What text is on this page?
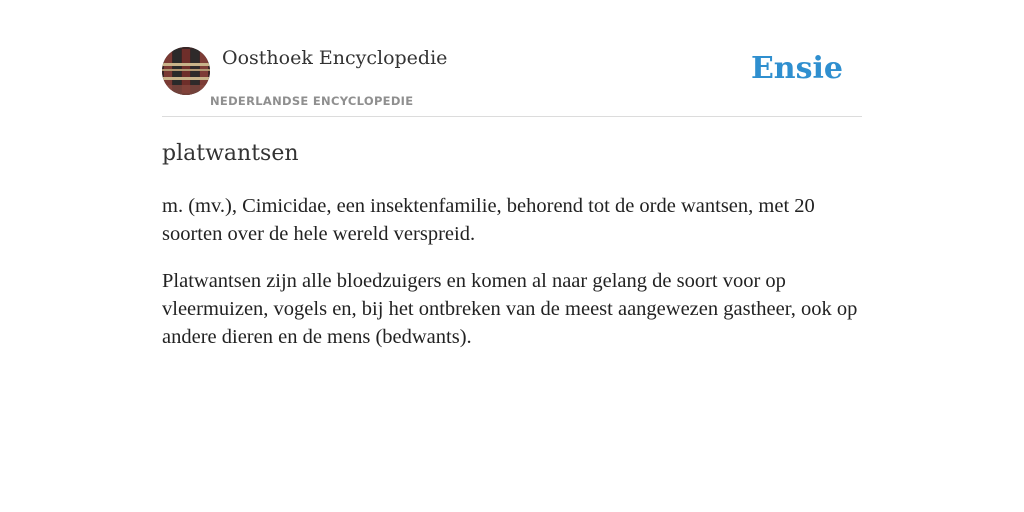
Oosthoek Encyclopedie
NEDERLANDSE ENCYCLOPEDIE
Ensie
platwantsen

m. (mv.), Cimicidae, een insektenfamilie, behorend tot de orde wantsen, met 20 soorten over de hele wereld verspreid.

Platwantsen zijn alle bloedzuigers en komen al naar gelang de soort voor op vleermuizen, vogels en, bij het ontbreken van de meest aangewezen gastheer, ook op andere dieren en de mens (bedwants).
